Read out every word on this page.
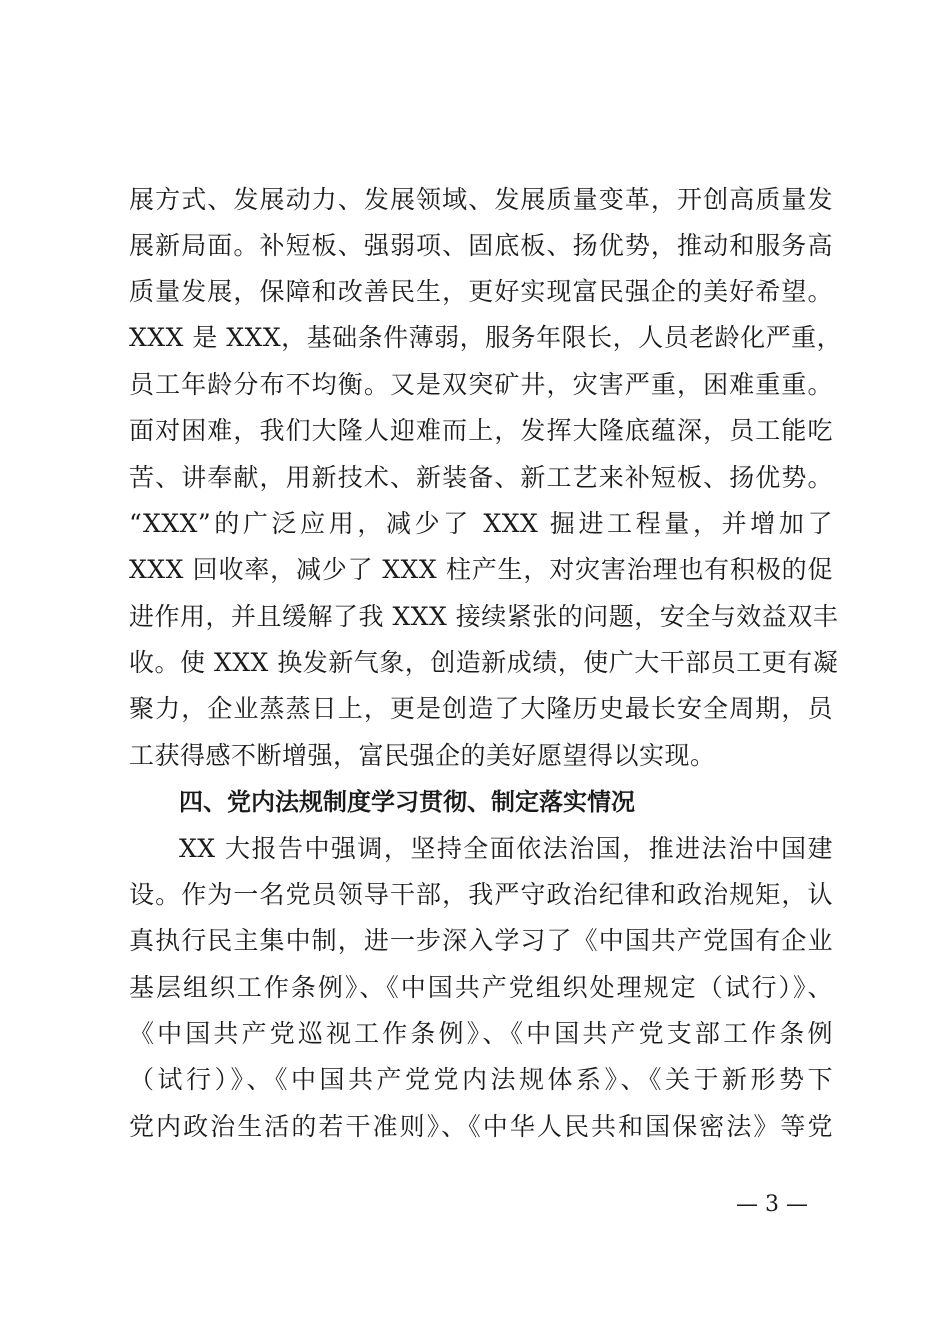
展方式、发展动力、发展领域、发展质量变革，开创高质量发
展新局面。补短板、强弱项、固底板、扬优势，推动和服务高
质量发展，保障和改善民生，更好实现富民强企的美好希望。
XXX 是 XXX，基础条件薄弱，服务年限长，人员老龄化严重，
员工年龄分布不均衡。又是双突矿井，灾害严重，困难重重。
面对困难，我们大隆人迎难而上，发挥大隆底蕴深，员工能吃
苦、讲奉献，用新技术、新装备、新工艺来补短板、扬优势。
“XXX”的广泛应用，减少了 XXX 掘进工程量，并增加了
XXX 回收率，减少了 XXX 柱产生，对灾害治理也有积极的促
进作用，并且缓解了我 XXX 接续紧张的问题，安全与效益双丰
收。使 XXX 换发新气象，创造新成绩，使广大干部员工更有凝
聚力，企业蒸蒸日上，更是创造了大隆历史最长安全周期，员
工获得感不断增强，富民强企的美好愿望得以实现。
四、党内法规制度学习贯彻、制定落实情况
XX 大报告中强调，坚持全面依法治国，推进法治中国建
设。作为一名党员领导干部，我严守政治纪律和政治规矩，认
真执行民主集中制，进一步深入学习了《中国共产党国有企业
基层组织工作条例》、《中国共产党组织处理规定（试行）》、
《中国共产党巡视工作条例》、《中国共产党支部工作条例
（试行）》、《中国共产党党内法规体系》、《关于新形势下
党内政治生活的若干准则》、《中华人民共和国保密法》等党
— 3 —
